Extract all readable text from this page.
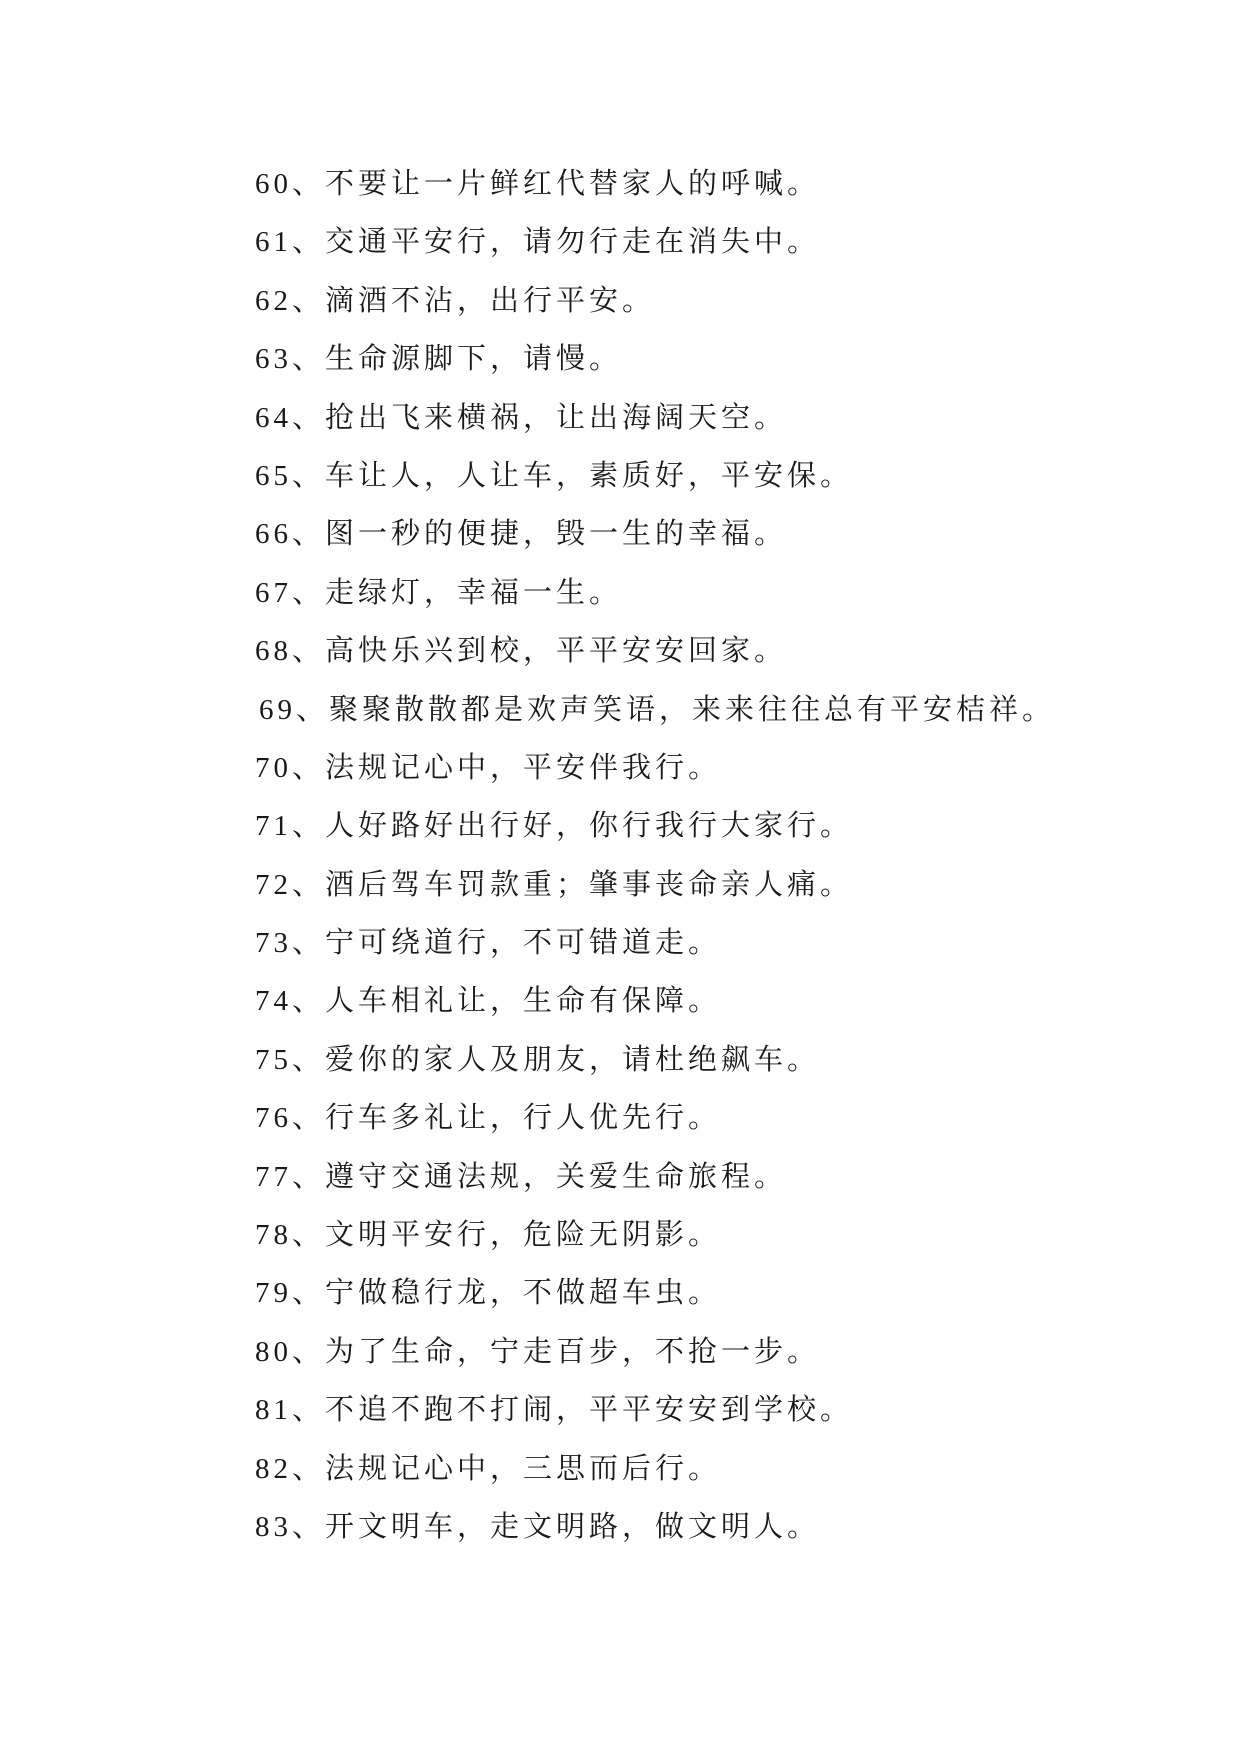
60、不要让一片鲜红代替家人的呼喊。
61、交通平安行，请勿行走在消失中。
62、滴酒不沾，出行平安。
63、生命源脚下，请慢。
64、抢出飞来横祸，让出海阔天空。
65、车让人，人让车，素质好，平安保。
66、图一秒的便捷，毁一生的幸福。
67、走绿灯，幸福一生。
68、高快乐兴到校，平平安安回家。
69、聚聚散散都是欢声笑语，来来往往总有平安桔祥。
70、法规记心中，平安伴我行。
71、人好路好出行好，你行我行大家行。
72、酒后驾车罚款重；肇事丧命亲人痛。
73、宁可绕道行，不可错道走。
74、人车相礼让，生命有保障。
75、爱你的家人及朋友，请杜绝飙车。
76、行车多礼让，行人优先行。
77、遵守交通法规，关爱生命旅程。
78、文明平安行，危险无阴影。
79、宁做稳行龙，不做超车虫。
80、为了生命，宁走百步，不抢一步。
81、不追不跑不打闹，平平安安到学校。
82、法规记心中，三思而后行。
83、开文明车，走文明路，做文明人。
